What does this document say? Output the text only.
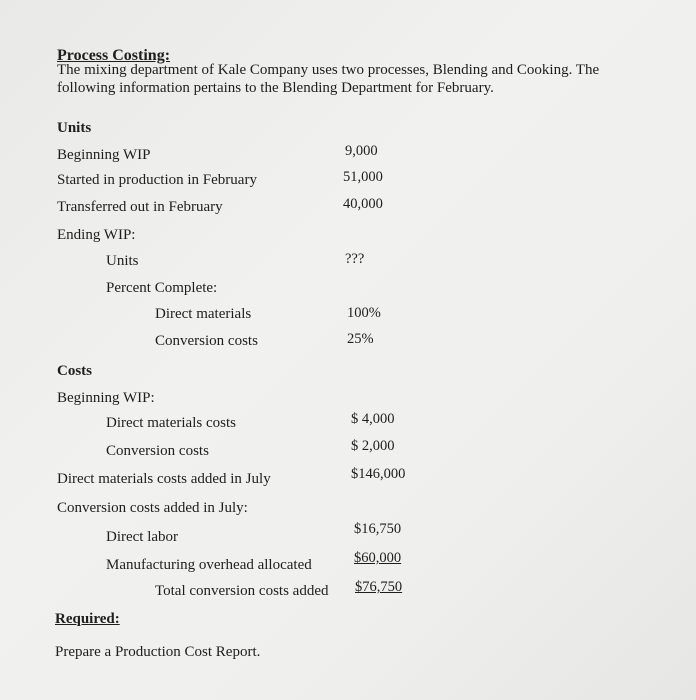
Process Costing:
The mixing department of Kale Company uses two processes, Blending and Cooking. The
following information pertains to the Blending Department for February.
Units
Beginning WIP	9,000
Started in production in February	51,000
Transferred out in February	40,000
Ending WIP:
Units	???
Percent Complete:
Direct materials	100%
Conversion costs	25%
Costs
Beginning WIP:
Direct materials costs	$ 4,000
Conversion costs	$ 2,000
Direct materials costs added in July	$146,000
Conversion costs added in July:
Direct labor	$16,750
Manufacturing overhead allocated	$60,000
Total conversion costs added $76,750
Required:
Prepare a Production Cost Report.
